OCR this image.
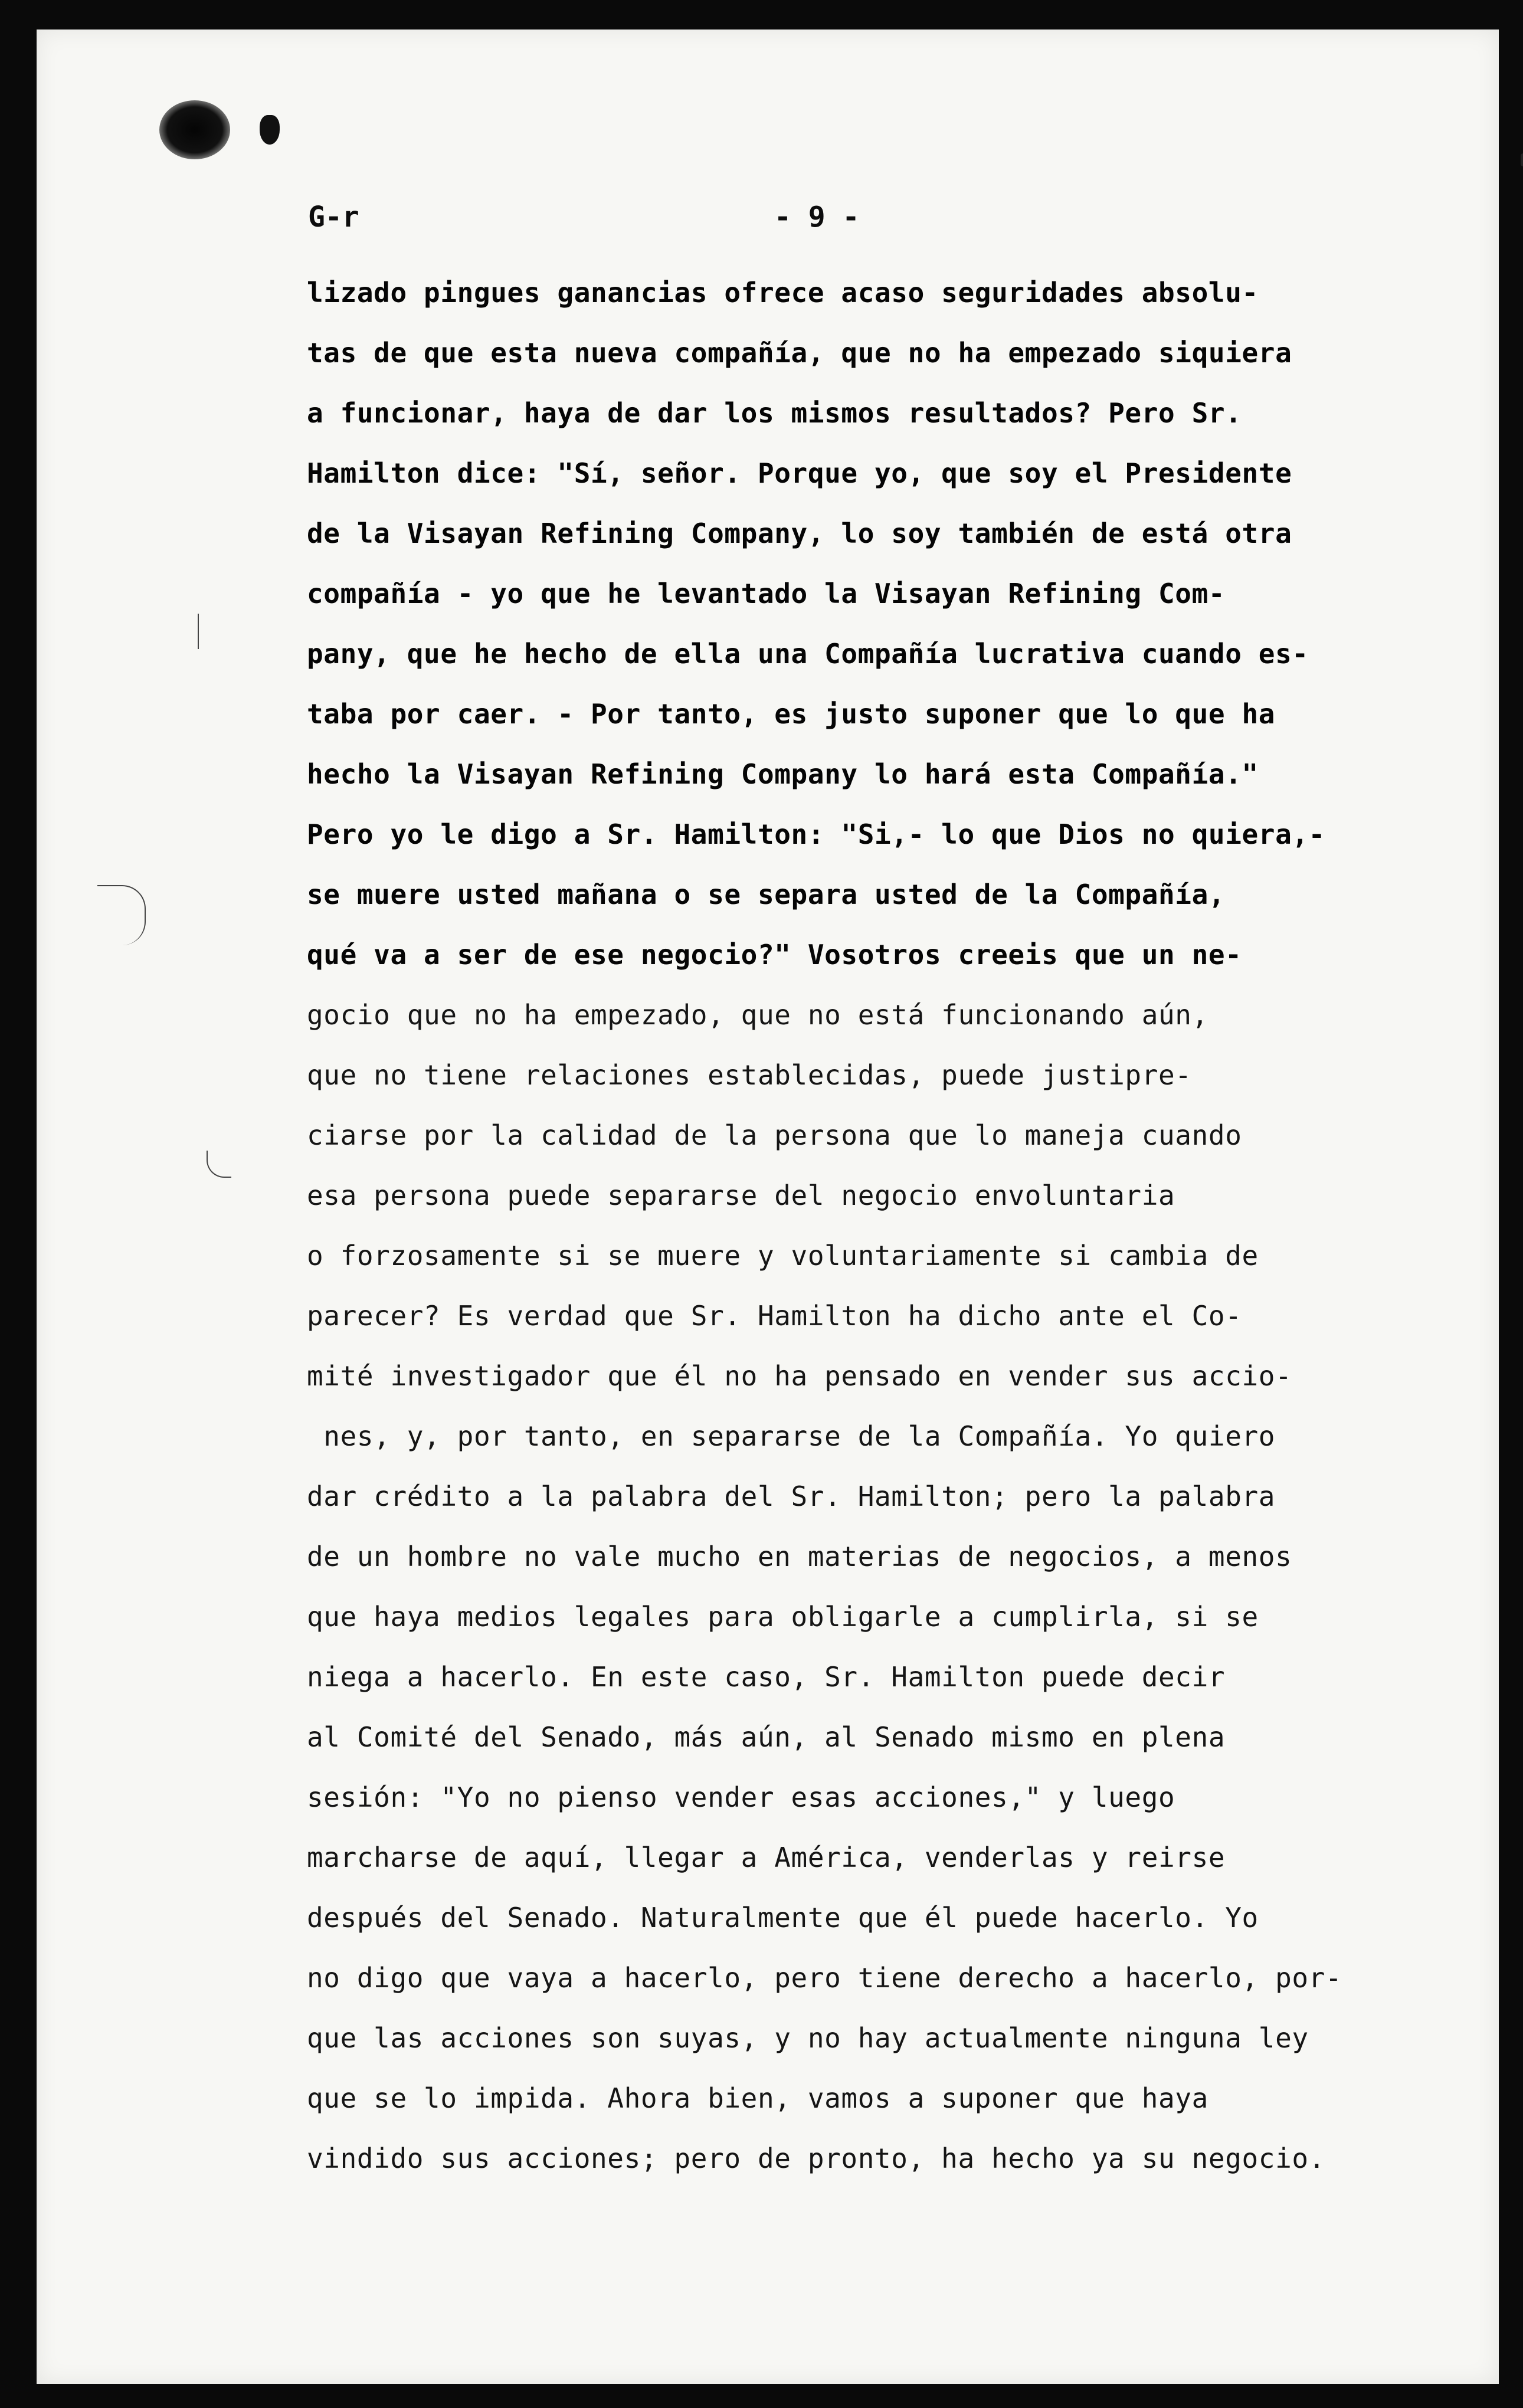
G-r	- 9 -
lizado pingues ganancias ofrece acaso seguridades absolu-
tas de que esta nueva compañía, que no ha empezado siquiera
a funcionar, haya de dar los mismos resultados? Pero Sr.
Hamilton dice: "Sí, señor. Porque yo, que soy el Presidente
de la Visayan Refining Company, lo soy también de está otra
compañía - yo que he levantado la Visayan Refining Com-
pany, que he hecho de ella una Compañía lucrativa cuando es-
taba por caer. - Por tanto, es justo suponer que lo que ha
hecho la Visayan Refining Company lo hará esta Compañía."
Pero yo le digo a Sr. Hamilton: "Si,- lo que Dios no quiera,-
se muere usted mañana o se separa usted de la Compañía,
qué va a ser de ese negocio?" Vosotros creeis que un ne-
gocio que no ha empezado, que no está funcionando aún,
que no tiene relaciones establecidas, puede justipre-
ciarse por la calidad de la persona que lo maneja cuando
esa persona puede separarse del negocio envoluntaria
o forzosamente si se muere y voluntariamente si cambia de
parecer? Es verdad que Sr. Hamilton ha dicho ante el Co-
mité investigador que él no ha pensado en vender sus accio-
nes, y, por tanto, en separarse de la Compañía. Yo quiero
dar crédito a la palabra del Sr. Hamilton; pero la palabra
de un hombre no vale mucho en materias de negocios, a menos
que haya medios legales para obligarle a cumplirla, si se
niega a hacerlo. En este caso, Sr. Hamilton puede decir
al Comité del Senado, más aún, al Senado mismo en plena
sesión: "Yo no pienso vender esas acciones," y luego
marcharse de aquí, llegar a América, venderlas y reirse
después del Senado. Naturalmente que él puede hacerlo. Yo
no digo que vaya a hacerlo, pero tiene derecho a hacerlo, por-
que las acciones son suyas, y no hay actualmente ninguna ley
que se lo impida. Ahora bien, vamos a suponer que haya
vindido sus acciones; pero de pronto, ha hecho ya su negocio.
